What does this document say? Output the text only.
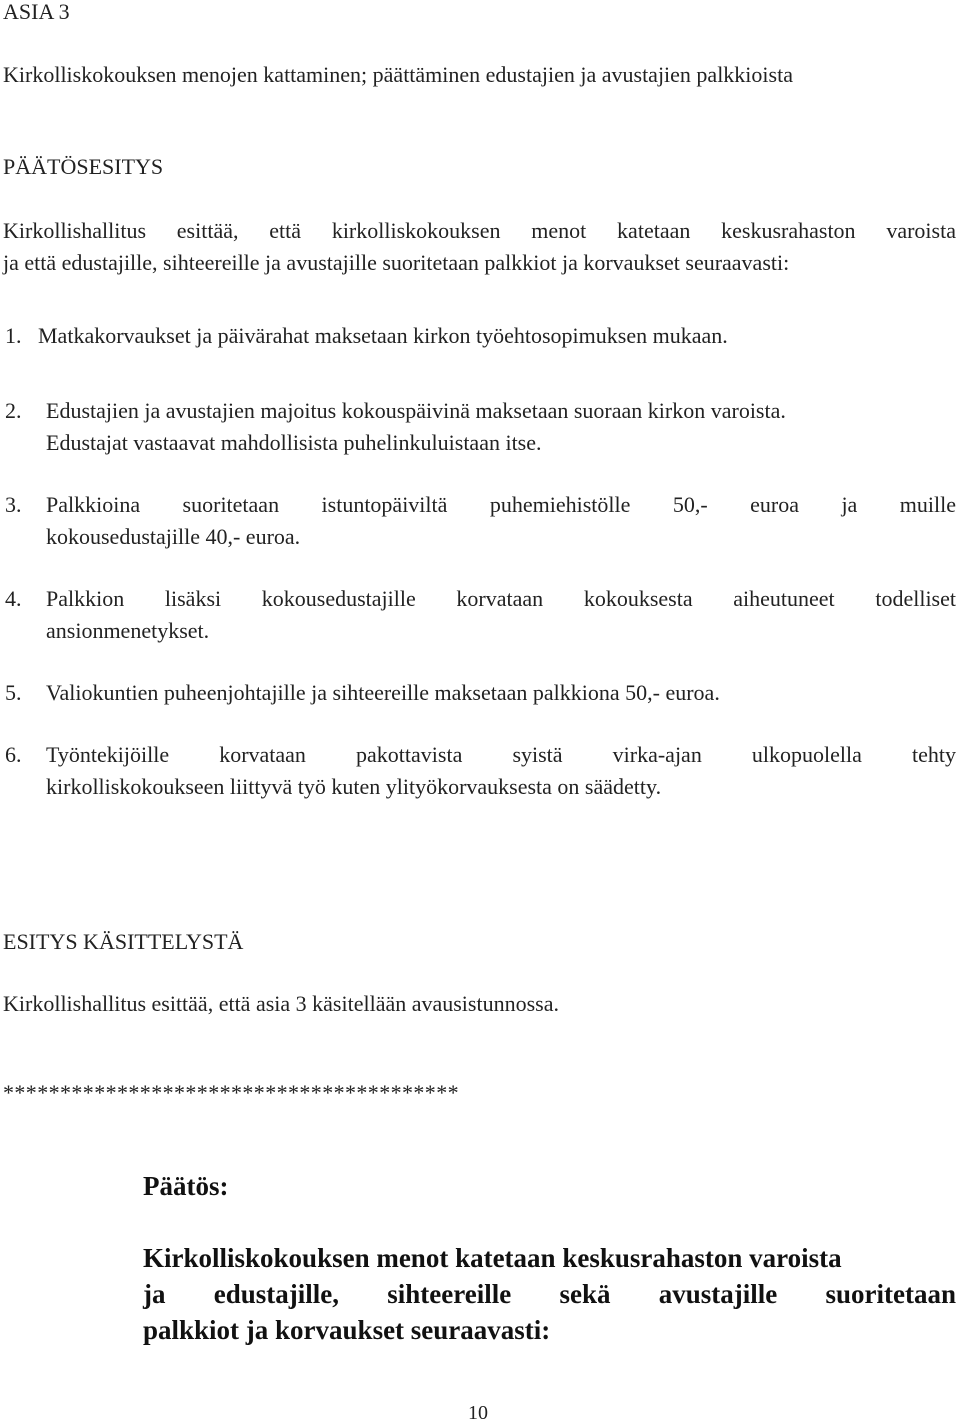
ASIA 3
Kirkolliskokouksen menojen kattaminen; päättäminen edustajien ja avustajien palkkioista
PÄÄTÖSESITYS
Kirkollishallitus esittää, että kirkolliskokouksen menot katetaan keskusrahaston varoista
ja että edustajille, sihteereille ja avustajille suoritetaan palkkiot ja korvaukset seuraavasti:
1. Matkakorvaukset ja päivärahat maksetaan kirkon työehtosopimuksen mukaan.
2. Edustajien ja avustajien majoitus kokouspäivinä maksetaan suoraan kirkon varoista.
Edustajat vastaavat mahdollisista puhelinkuluistaan itse.
3. Palkkioina suoritetaan istuntopäiviltä puhemiehistölle 50,- euroa ja muille
kokousedustajille 40,- euroa.
4. Palkkion lisäksi kokousedustajille korvataan kokouksesta aiheutuneet todelliset
ansionmenetykset.
5. Valiokuntien puheenjohtajille ja sihteereille maksetaan palkkiona 50,- euroa.
6. Työntekijöille korvataan pakottavista syistä virka-ajan ulkopuolella tehty
kirkolliskokoukseen liittyvä työ kuten ylityökorvauksesta on säädetty.
ESITYS KÄSITTELYSTÄ
Kirkollishallitus esittää, että asia 3 käsitellään avausistunnossa.
****************************************
Päätös:
Kirkolliskokouksen menot katetaan keskusrahaston varoista
ja edustajille, sihteereille sekä avustajille suoritetaan
palkkiot ja korvaukset seuraavasti:
10
